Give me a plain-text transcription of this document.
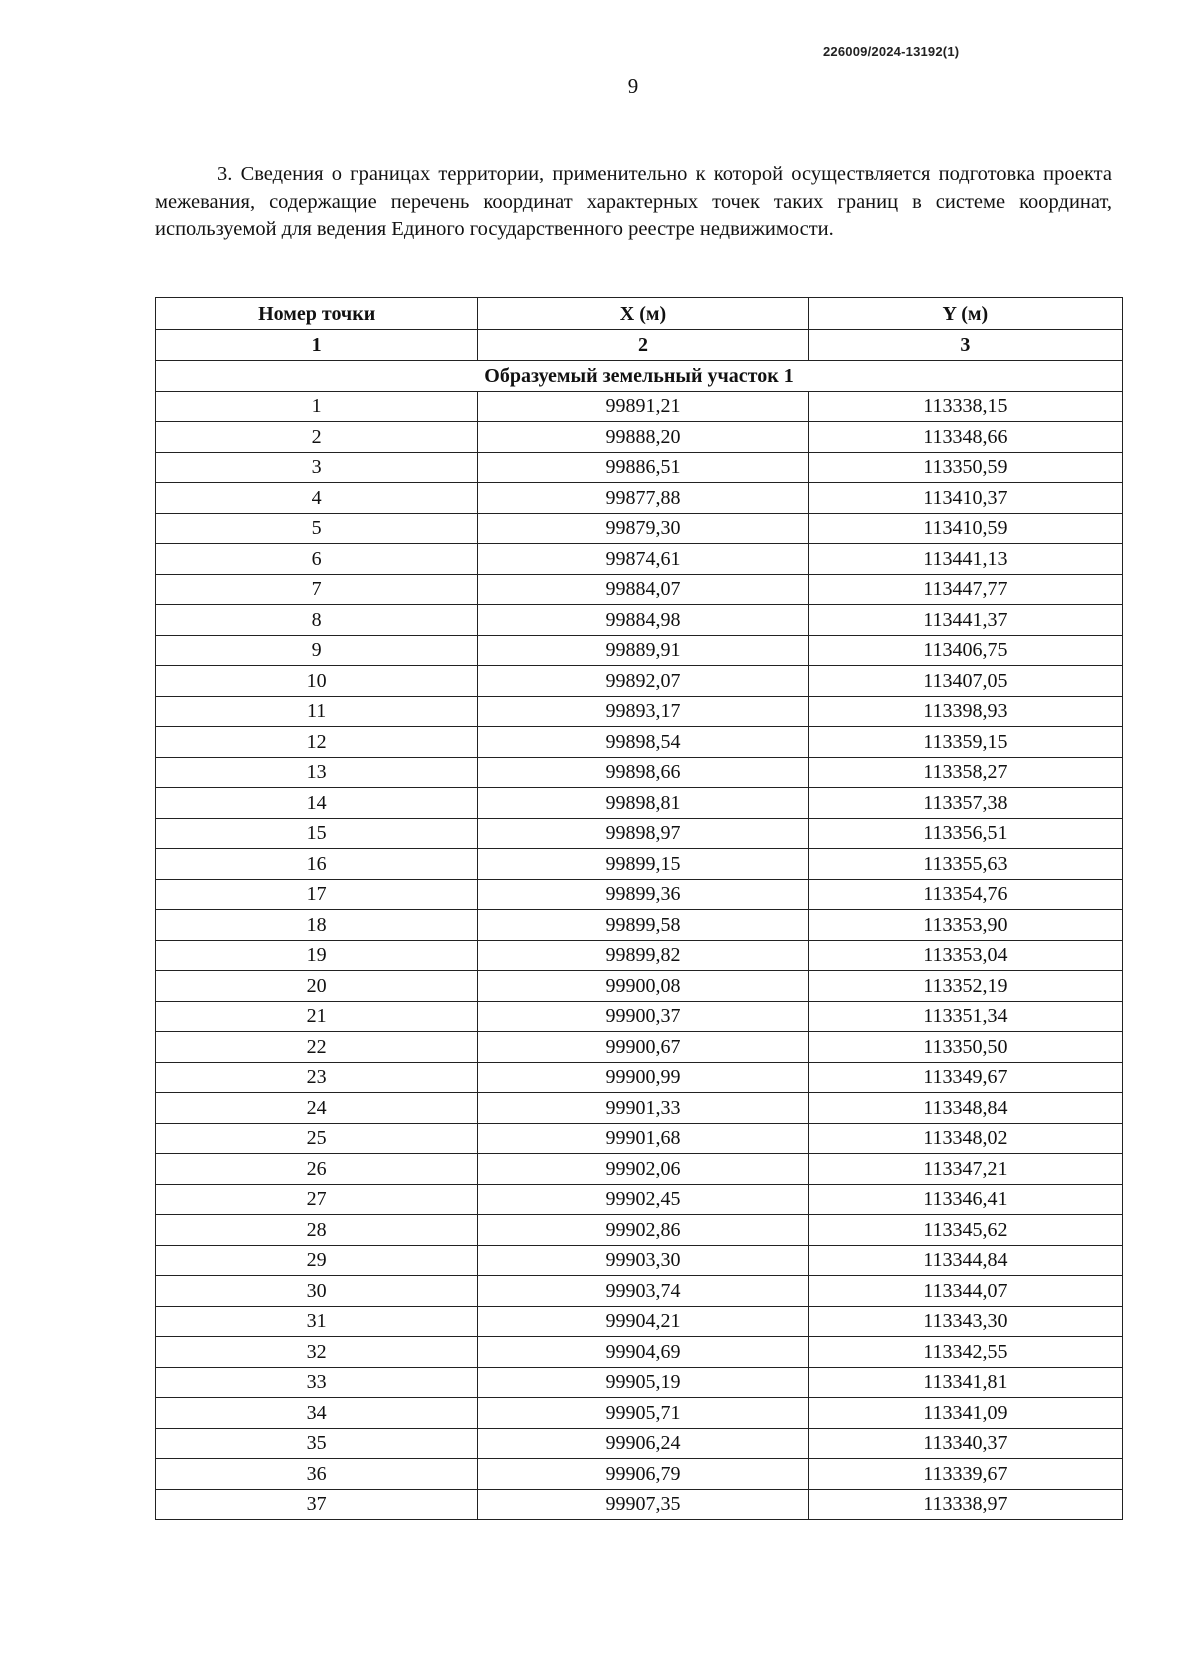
226009/2024-13192(1)
9
3. Сведения о границах территории, применительно к которой осуществляется подготовка проекта межевания, содержащие перечень координат характерных точек таких границ в системе координат, используемой для ведения Единого государственного реестре недвижимости.
Номер точки	X (м)	Y (м)
1	2	3
Образуемый земельный участок 1		
1	99891,21	113338,15
2	99888,20	113348,66
3	99886,51	113350,59
4	99877,88	113410,37
5	99879,30	113410,59
6	99874,61	113441,13
7	99884,07	113447,77
8	99884,98	113441,37
9	99889,91	113406,75
10	99892,07	113407,05
11	99893,17	113398,93
12	99898,54	113359,15
13	99898,66	113358,27
14	99898,81	113357,38
15	99898,97	113356,51
16	99899,15	113355,63
17	99899,36	113354,76
18	99899,58	113353,90
19	99899,82	113353,04
20	99900,08	113352,19
21	99900,37	113351,34
22	99900,67	113350,50
23	99900,99	113349,67
24	99901,33	113348,84
25	99901,68	113348,02
26	99902,06	113347,21
27	99902,45	113346,41
28	99902,86	113345,62
29	99903,30	113344,84
30	99903,74	113344,07
31	99904,21	113343,30
32	99904,69	113342,55
33	99905,19	113341,81
34	99905,71	113341,09
35	99906,24	113340,37
36	99906,79	113339,67
37	99907,35	113338,97
